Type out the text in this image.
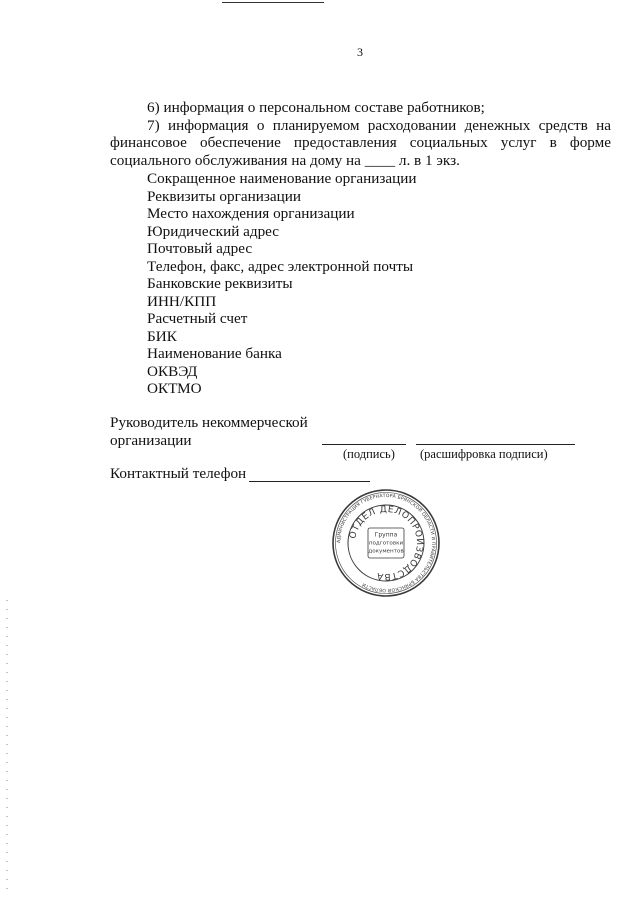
3

6) информация о персональном составе работников;

7) информация о планируемом расходовании денежных средств на финансовое обеспечение предоставления социальных услуг в форме социального обслуживания на дому на ____ л. в 1 экз.

Сокращенное наименование организации
Реквизиты организации
Место нахождения организации
Юридический адрес
Почтовый адрес
Телефон, факс, адрес электронной почты
Банковские реквизиты
ИНН/КПП
Расчетный счет
БИК
Наименование банка
ОКВЭД
ОКТМО
Руководитель некоммерческой
организации
(подпись) (расшифровка подписи)
Контактный телефон
АДМИНИСТРАЦИЯ ГУБЕРНАТОРА БРЯНСКОЙ ОБЛАСТИ И ПРАВИТЕЛЬСТВА БРЯНСКОЙ ОБЛАСТИ
ОТДЕЛ ДЕЛОПРОИЗВОДСТВА
Группа
подготовки
документов
